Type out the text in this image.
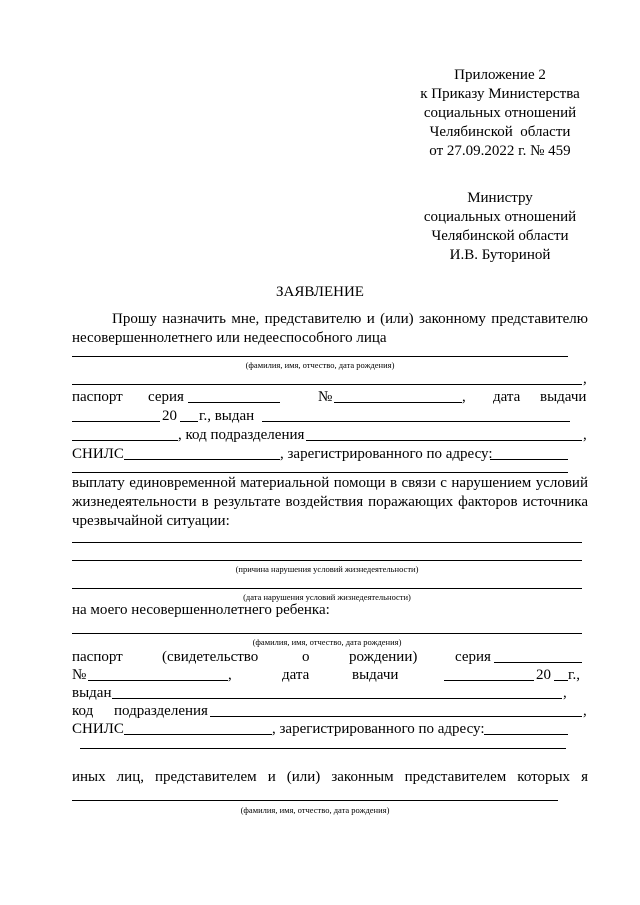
Приложение 2
к Приказу Министерства
социальных отношений
Челябинской  области
от 27.09.2022 г. № 459
Министру
социальных отношений
Челябинской области
И.В. Буториной
ЗАЯВЛЕНИЕ
Прошу назначить мне, представителю и (или) законному представителю несовершеннолетнего или недееспособного лица
(фамилия, имя, отчество, дата рождения)
,
паспорт серия	№	, дата выдачи
20 г., выдан
, код подразделения	,
СНИЛС	, зарегистрированного по адресу:
выплату единовременной материальной помощи в связи с нарушением условий жизнедеятельности в результате воздействия поражающих факторов источника чрезвычайной ситуации:
(причина нарушения условий жизнедеятельности)
(дата нарушения условий жизнедеятельности)
на моего несовершеннолетнего ребенка:
(фамилия, имя, отчество, дата рождения)
паспорт	(свидетельство	о	рождении)	серия
№	,	дата	выдачи	20 г.,
выдан	,
код подразделения	,
СНИЛС	, зарегистрированного по адресу:
иных лиц, представителем и (или) законным представителем которых я
(фамилия, имя, отчество, дата рождения)
